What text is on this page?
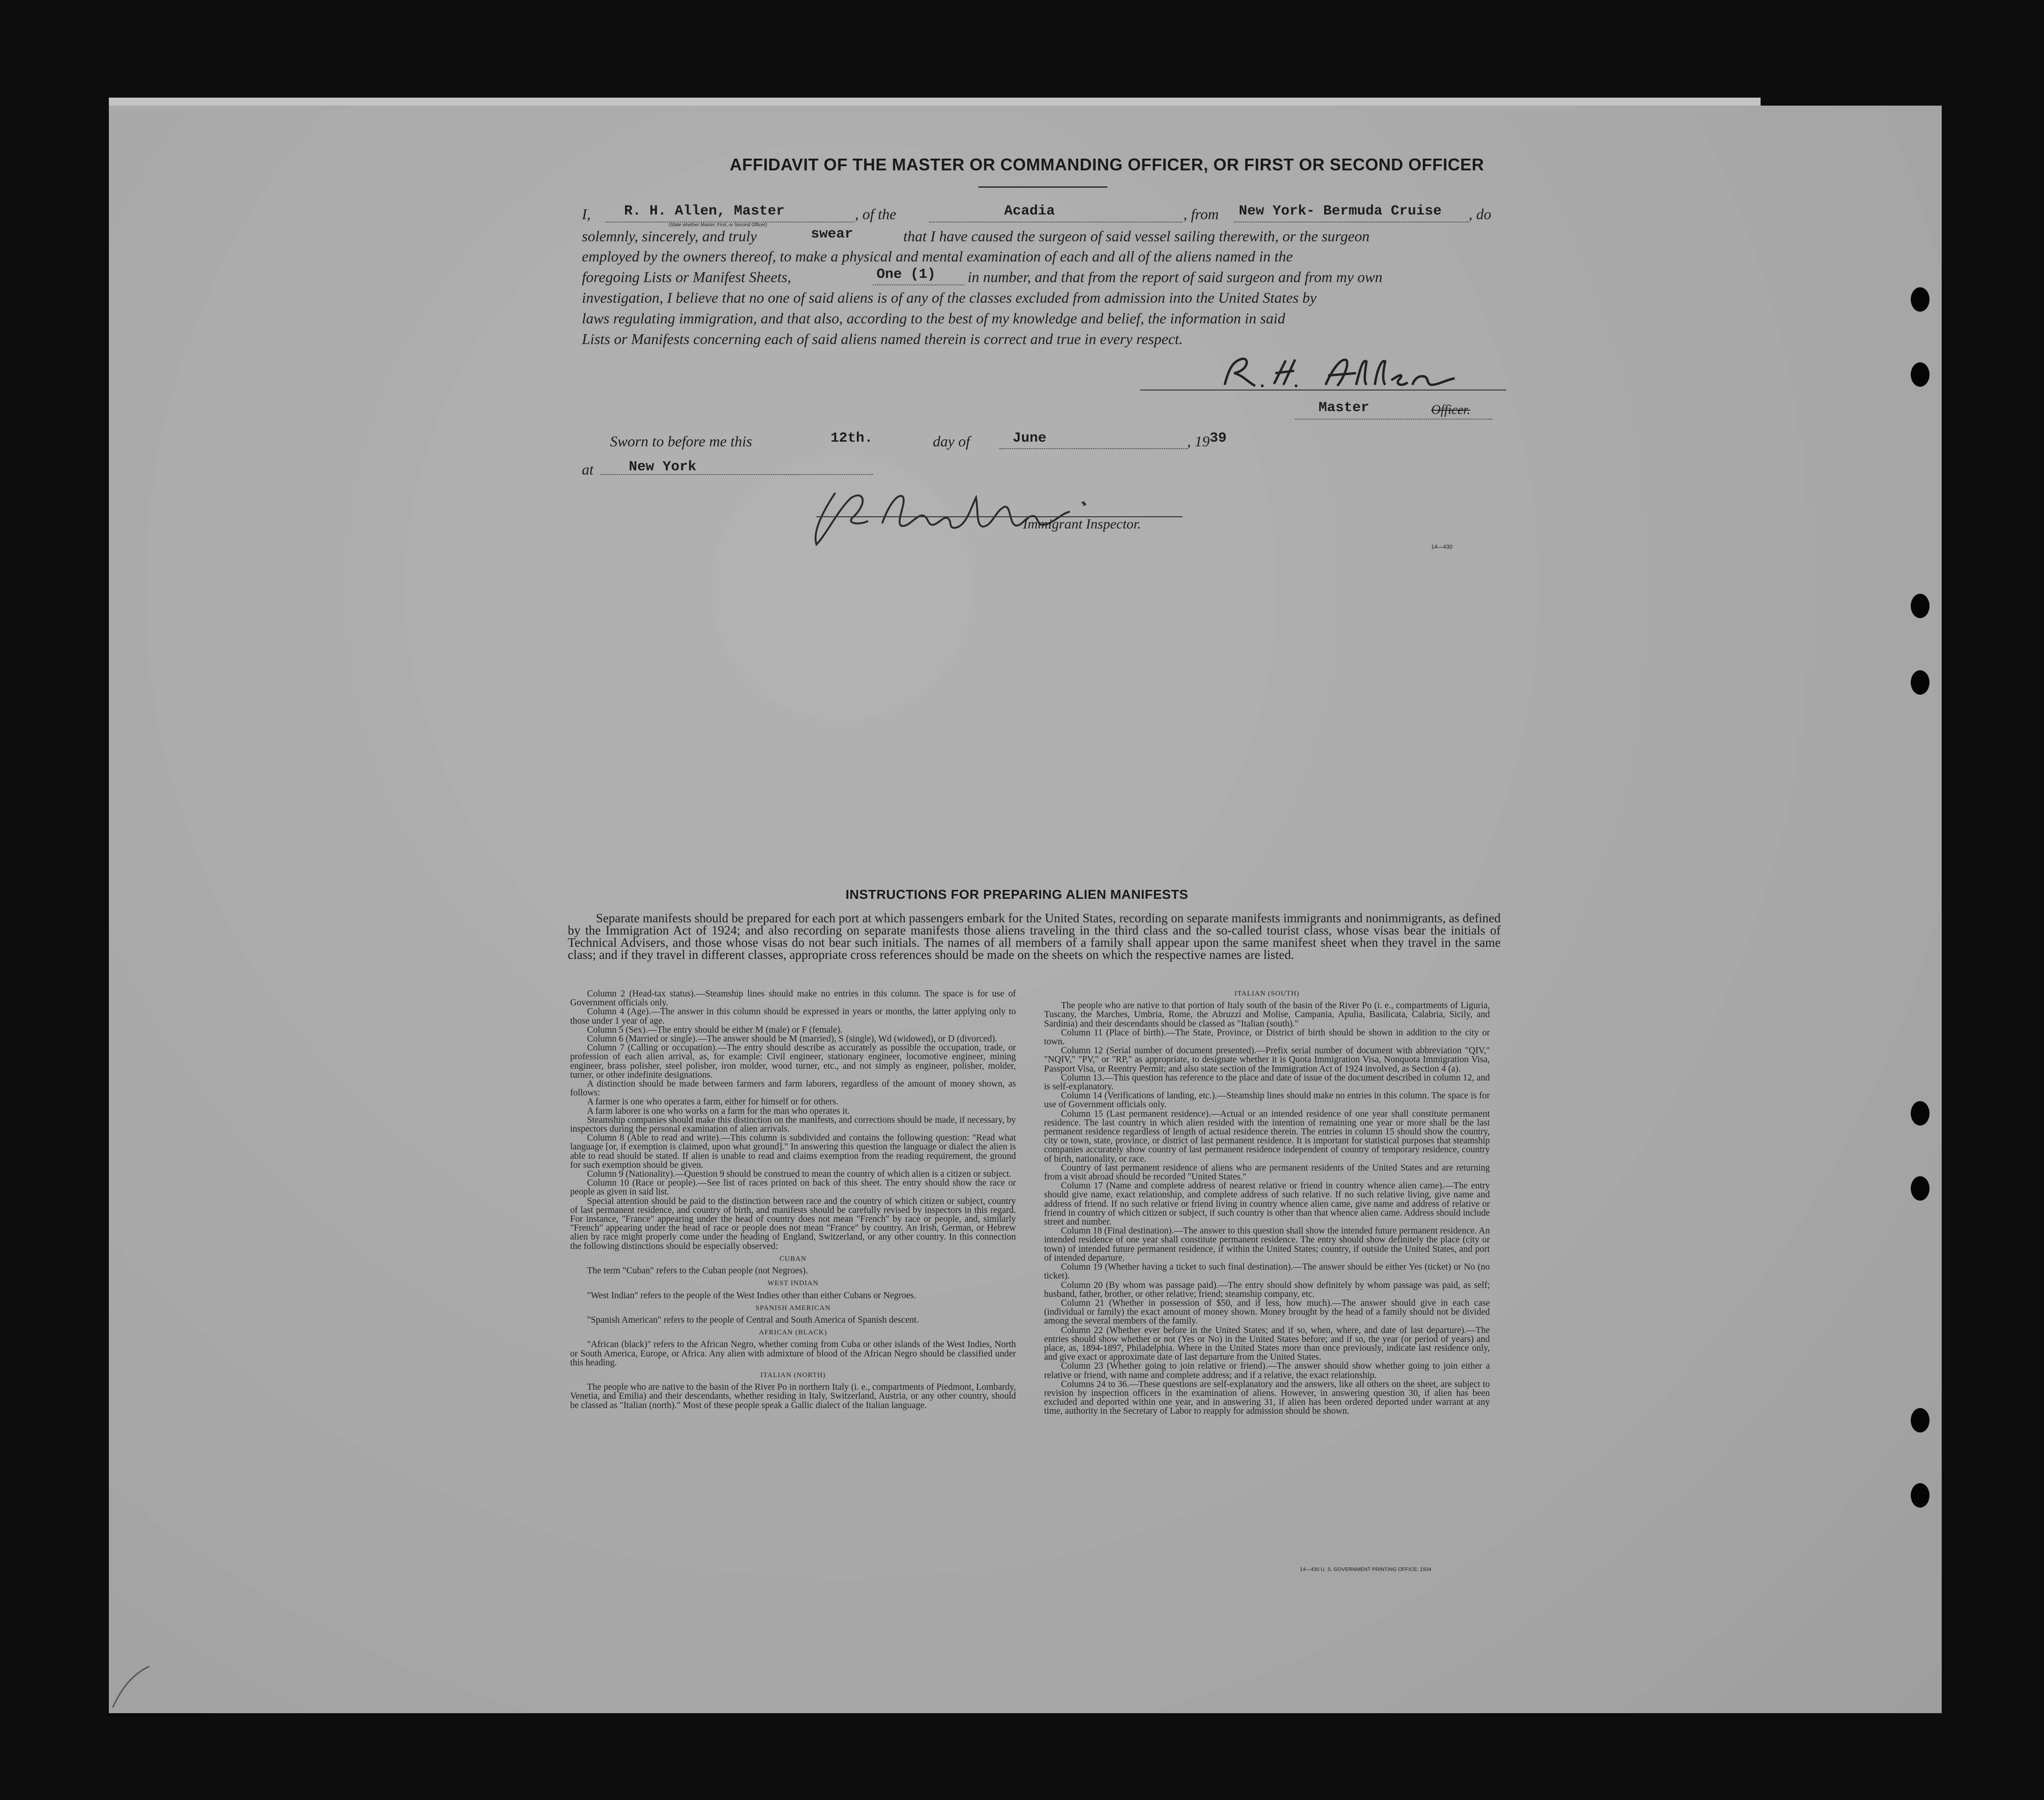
AFFIDAVIT OF THE MASTER OR COMMANDING OFFICER, OR FIRST OR SECOND OFFICER
I, R. H. Allen, Master
(State whether Master, First, or Second Officer)
, of the	Acadia	, from New York- Bermuda Cruise , do
solemnly, sincerely, and truly	swear	that I have caused the surgeon of said vessel sailing therewith, or the surgeon
employed by the owners thereof, to make a physical and mental examination of each and all of the aliens named in the
foregoing Lists or Manifest Sheets,	One (1) in number, and that from the report of said surgeon and from my own
investigation, I believe that no one of said aliens is of any of the classes excluded from admission into the United States by
laws regulating immigration, and that also, according to the best of my knowledge and belief, the information in said
Lists or Manifests concerning each of said aliens named therein is correct and true in every respect.
Master	Officer.
Sworn to before me this	12th.	day of	June	, 19 39
at	New York
Immigrant Inspector.
14—430
INSTRUCTIONS FOR PREPARING ALIEN MANIFESTS
Separate manifests should be prepared for each port at which passengers embark for the United States, recording on separate manifests immigrants and nonimmigrants, as defined by the Immigration Act of 1924; and also recording on separate manifests those aliens traveling in the third class and the so-called tourist class, whose visas bear the initials of Technical Advisers, and those whose visas do not bear such initials. The names of all members of a family shall appear upon the same manifest sheet when they travel in the same class; and if they travel in different classes, appropriate cross references should be made on the sheets on which the respective names are listed.

Column 2 (Head-tax status).—Steamship lines should make no entries in this column. The space is for use of Government officials only.

Column 4 (Age).—The answer in this column should be expressed in years or months, the latter applying only to those under 1 year of age.

Column 5 (Sex).—The entry should be either M (male) or F (female).

Column 6 (Married or single).—The answer should be M (married), S (single), Wd (widowed), or D (divorced).

Column 7 (Calling or occupation).—The entry should describe as accurately as possible the occupation, trade, or profession of each alien arrival, as, for example: Civil engineer, stationary engineer, locomotive engineer, mining engineer, brass polisher, steel polisher, iron molder, wood turner, etc., and not simply as engineer, polisher, molder, turner, or other indefinite designations.

A distinction should be made between farmers and farm laborers, regardless of the amount of money shown, as follows:

A farmer is one who operates a farm, either for himself or for others.

A farm laborer is one who works on a farm for the man who operates it.

Steamship companies should make this distinction on the manifests, and corrections should be made, if necessary, by inspectors during the personal examination of alien arrivals.

Column 8 (Able to read and write).—This column is subdivided and contains the following question: "Read what language [or, if exemption is claimed, upon what ground]." In answering this question the language or dialect the alien is able to read should be stated. If alien is unable to read and claims exemption from the reading requirement, the ground for such exemption should be given.

Column 9 (Nationality).—Question 9 should be construed to mean the country of which alien is a citizen or subject.

Column 10 (Race or people).—See list of races printed on back of this sheet. The entry should show the race or people as given in said list.

Special attention should be paid to the distinction between race and the country of which citizen or subject, country of last permanent residence, and country of birth, and manifests should be carefully revised by inspectors in this regard. For instance, "France" appearing under the head of country does not mean "French" by race or people, and, similarly "French" appearing under the head of race or people does not mean "France" by country. An Irish, German, or Hebrew alien by race might properly come under the heading of England, Switzerland, or any other country. In this connection the following distinctions should be especially observed:

CUBAN

The term "Cuban" refers to the Cuban people (not Negroes).

WEST INDIAN

"West Indian" refers to the people of the West Indies other than either Cubans or Negroes.

SPANISH AMERICAN

"Spanish American" refers to the people of Central and South America of Spanish descent.

AFRICAN (BLACK)

"African (black)" refers to the African Negro, whether coming from Cuba or other islands of the West Indies, North or South America, Europe, or Africa. Any alien with admixture of blood of the African Negro should be classified under this heading.

ITALIAN (NORTH)

The people who are native to the basin of the River Po in northern Italy (i. e., compartments of Piedmont, Lombardy, Venetia, and Emilia) and their descendants, whether residing in Italy, Switzerland, Austria, or any other country, should be classed as "Italian (north)." Most of these people speak a Gallic dialect of the Italian language.

ITALIAN (SOUTH)

The people who are native to that portion of Italy south of the basin of the River Po (i. e., compartments of Liguria, Tuscany, the Marches, Umbria, Rome, the Abruzzi and Molise, Campania, Apulia, Basilicata, Calabria, Sicily, and Sardinia) and their descendants should be classed as "Italian (south)."

Column 11 (Place of birth).—The State, Province, or District of birth should be shown in addition to the city or town.

Column 12 (Serial number of document presented).—Prefix serial number of document with abbreviation "QIV," "NQIV," "PV," or "RP," as appropriate, to designate whether it is Quota Immigration Visa, Nonquota Immigration Visa, Passport Visa, or Reentry Permit; and also state section of the Immigration Act of 1924 involved, as Section 4 (a).

Column 13.—This question has reference to the place and date of issue of the document described in column 12, and is self-explanatory.

Column 14 (Verifications of landing, etc.).—Steamship lines should make no entries in this column. The space is for use of Government officials only.

Column 15 (Last permanent residence).—Actual or an intended residence of one year shall constitute permanent residence. The last country in which alien resided with the intention of remaining one year or more shall be the last permanent residence regardless of length of actual residence therein. The entries in column 15 should show the country, city or town, state, province, or district of last permanent residence. It is important for statistical purposes that steamship companies accurately show country of last permanent residence independent of country of temporary residence, country of birth, nationality, or race.

Country of last permanent residence of aliens who are permanent residents of the United States and are returning from a visit abroad should be recorded "United States."

Column 17 (Name and complete address of nearest relative or friend in country whence alien came).—The entry should give name, exact relationship, and complete address of such relative. If no such relative living, give name and address of friend. If no such relative or friend living in country whence alien came, give name and address of relative or friend in country of which citizen or subject, if such country is other than that whence alien came. Address should include street and number.

Column 18 (Final destination).—The answer to this question shall show the intended future permanent residence. An intended residence of one year shall constitute permanent residence. The entry should show definitely the place (city or town) of intended future permanent residence, if within the United States; country, if outside the United States, and port of intended departure.

Column 19 (Whether having a ticket to such final destination).—The answer should be either Yes (ticket) or No (no ticket).

Column 20 (By whom was passage paid).—The entry should show definitely by whom passage was paid, as self; husband, father, brother, or other relative; friend; steamship company, etc.

Column 21 (Whether in possession of $50, and if less, how much).—The answer should give in each case (individual or family) the exact amount of money shown. Money brought by the head of a family should not be divided among the several members of the family.

Column 22 (Whether ever before in the United States; and if so, when, where, and date of last departure).—The entries should show whether or not (Yes or No) in the United States before; and if so, the year (or period of years) and place, as, 1894-1897, Philadelphia. Where in the United States more than once previously, indicate last residence only, and give exact or approximate date of last departure from the United States.

Column 23 (Whether going to join relative or friend).—The answer should show whether going to join either a relative or friend, with name and complete address; and if a relative, the exact relationship.

Columns 24 to 36.—These questions are self-explanatory and the answers, like all others on the sheet, are subject to revision by inspection officers in the examination of aliens. However, in answering question 30, if alien has been excluded and deported within one year, and in answering 31, if alien has been ordered deported under warrant at any time, authority in the Secretary of Labor to reapply for admission should be shown.

14—430 U. S. GOVERNMENT PRINTING OFFICE: 1934
